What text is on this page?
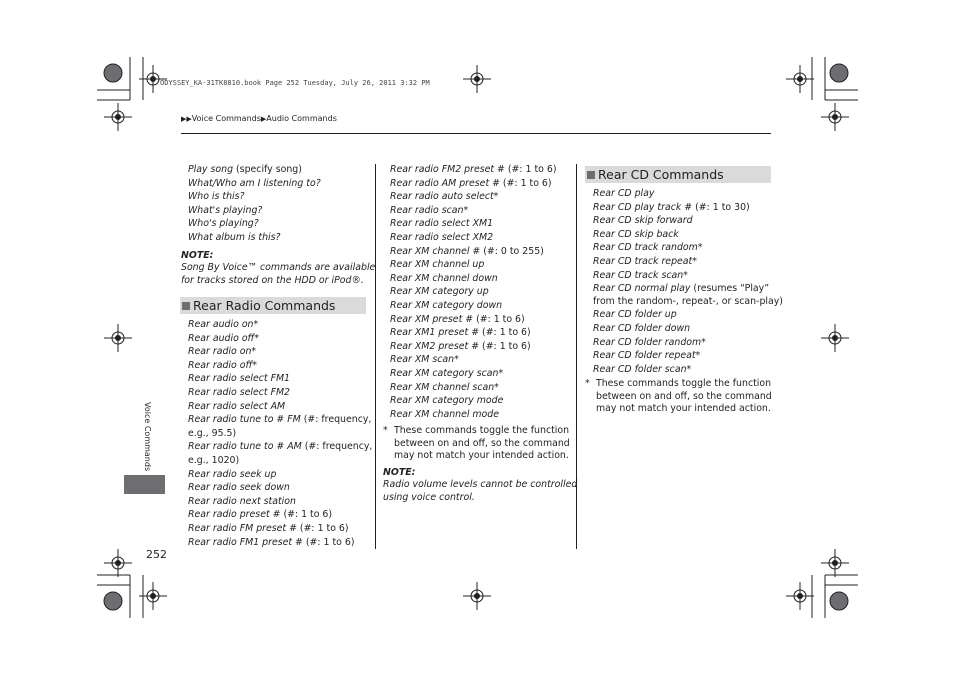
ODYSSEY_KA-31TK8810.book Page 252 Tuesday, July 26, 2011 3:32 PM
▶▶Voice Commands▶Audio Commands
Play song (specify song)
What/Who am I listening to?
Who is this?
What's playing?
Who's playing?
What album is this?
NOTE:
Song By Voice™ commands are available
for tracks stored on the HDD or iPod®.
Rear Radio Commands
Rear audio on*
Rear audio off*
Rear radio on*
Rear radio off*
Rear radio select FM1
Rear radio select FM2
Rear radio select AM
Rear radio tune to # FM (#: frequency,
e.g., 95.5)
Rear radio tune to # AM (#: frequency,
e.g., 1020)
Rear radio seek up
Rear radio seek down
Rear radio next station
Rear radio preset # (#: 1 to 6)
Rear radio FM preset # (#: 1 to 6)
Rear radio FM1 preset # (#: 1 to 6)
Rear radio FM2 preset # (#: 1 to 6)
Rear radio AM preset # (#: 1 to 6)
Rear radio auto select*
Rear radio scan*
Rear radio select XM1
Rear radio select XM2
Rear XM channel # (#: 0 to 255)
Rear XM channel up
Rear XM channel down
Rear XM category up
Rear XM category down
Rear XM preset # (#: 1 to 6)
Rear XM1 preset # (#: 1 to 6)
Rear XM2 preset # (#: 1 to 6)
Rear XM scan*
Rear XM category scan*
Rear XM channel scan*
Rear XM category mode
Rear XM channel mode
* These commands toggle the function
between on and off, so the command
may not match your intended action.
NOTE:
Radio volume levels cannot be controlled
using voice control.
Rear CD Commands
Rear CD play
Rear CD play track # (#: 1 to 30)
Rear CD skip forward
Rear CD skip back
Rear CD track random*
Rear CD track repeat*
Rear CD track scan*
Rear CD normal play (resumes “Play”
from the random-, repeat-, or scan-play)
Rear CD folder up
Rear CD folder down
Rear CD folder random*
Rear CD folder repeat*
Rear CD folder scan*
* These commands toggle the function
between on and off, so the command
may not match your intended action.
Voice Commands
252
